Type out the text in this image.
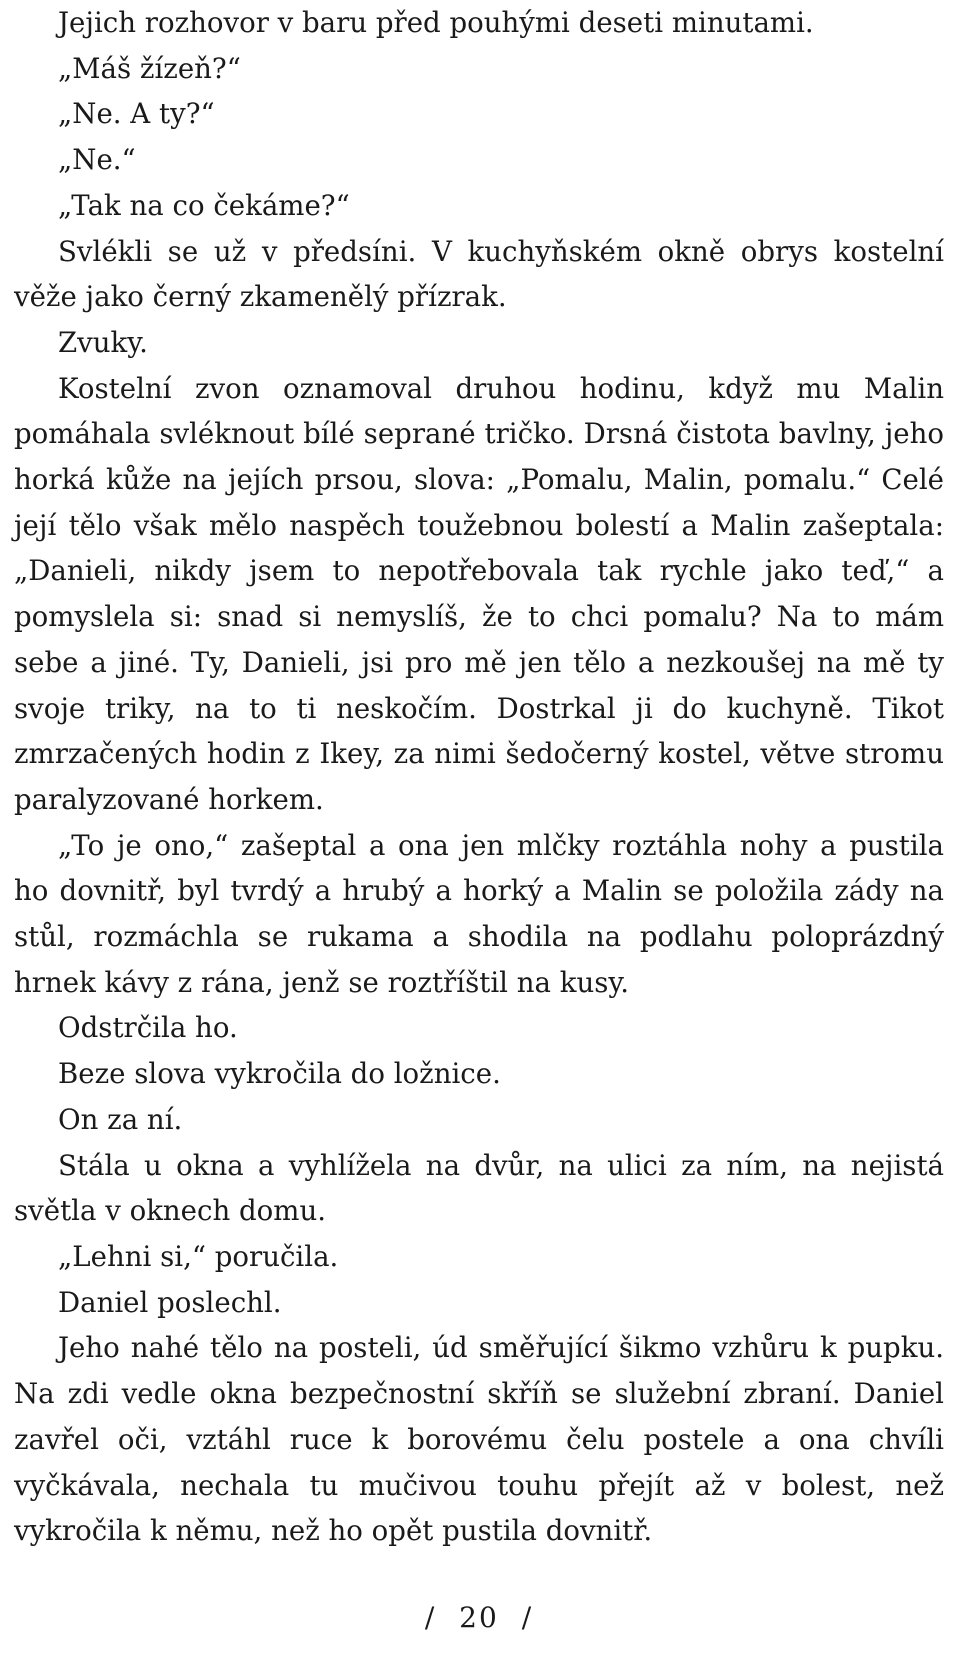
Jejich rozhovor v baru před pouhými deseti minutami.

„Máš žízeň?“

„Ne. A ty?“

„Ne.“

„Tak na co čekáme?“

Svlékli se už v předsíni. V kuchyňském okně obrys kostelní věže jako černý zkamenělý přízrak.

Zvuky.

Kostelní zvon oznamoval druhou hodinu, když mu Malin pomáhala svléknout bílé seprané tričko. Drsná čistota bavlny, jeho horká kůže na jejích prsou, slova: „Pomalu, Malin, pomalu.“ Celé její tělo však mělo naspěch toužebnou bolestí a Malin zašeptala: „Danieli, nikdy jsem to nepotřebovala tak rychle jako teď,“ a pomyslela si: snad si nemyslíš, že to chci pomalu? Na to mám sebe a jiné. Ty, Danieli, jsi pro mě jen tělo a nezkoušej na mě ty svoje triky, na to ti neskočím. Dostrkal ji do kuchyně. Tikot zmrzačených hodin z Ikey, za nimi šedočerný kostel, větve stromu paralyzované horkem.

„To je ono,“ zašeptal a ona jen mlčky roztáhla nohy a pustila ho dovnitř, byl tvrdý a hrubý a horký a Malin se položila zády na stůl, rozmáchla se rukama a shodila na podlahu poloprázdný hrnek kávy z rána, jenž se roztříštil na kusy.

Odstrčila ho.

Beze slova vykročila do ložnice.

On za ní.

Stála u okna a vyhlížela na dvůr, na ulici za ním, na nejistá světla v oknech domu.

„Lehni si,“ poručila.

Daniel poslechl.

Jeho nahé tělo na posteli, úd směřující šikmo vzhůru k pupku. Na zdi vedle okna bezpečnostní skříň se služební zbraní. Daniel zavřel oči, vztáhl ruce k borovému čelu postele a ona chvíli vyčkávala, nechala tu mučivou touhu přejít až v bolest, než vykročila k němu, než ho opět pustila dovnitř.

/ 20 /
